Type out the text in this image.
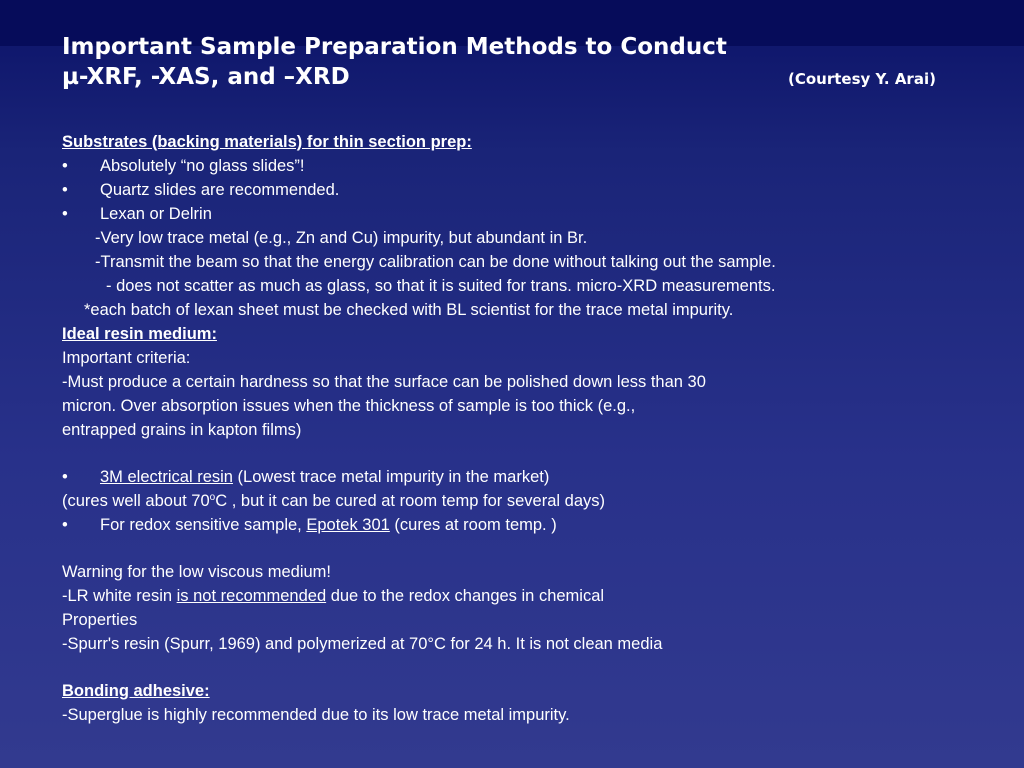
Important Sample Preparation Methods to Conduct
µ-XRF, -XAS, and –XRD	(Courtesy Y. Arai)
Substrates (backing materials) for thin section prep:
• Absolutely “no glass slides”!
• Quartz slides are recommended.
• Lexan or Delrin
-Very low trace metal (e.g., Zn and Cu) impurity, but abundant in Br.
-Transmit the beam so that the energy calibration can be done without talking out the sample.
- does not scatter as much as glass, so that it is suited for trans. micro-XRD measurements.
*each batch of lexan sheet must be checked with BL scientist for the trace metal impurity.
Ideal resin medium:
Important criteria:
-Must produce a certain hardness so that the surface can be polished down less than 30
micron. Over absorption issues when the thickness of sample is too thick (e.g.,
entrapped grains in kapton films)
• 3M electrical resin (Lowest trace metal impurity in the market)
(cures well about 70$^o$C , but it can be cured at room temp for several days)
• For redox sensitive sample, Epotek 301 (cures at room temp. )
Warning for the low viscous medium!
-LR white resin is not recommended due to the redox changes in chemical
Properties
-Spurr's resin (Spurr, 1969) and polymerized at 70°C for 24 h. It is not clean media
Bonding adhesive:
-Superglue is highly recommended due to its low trace metal impurity.
